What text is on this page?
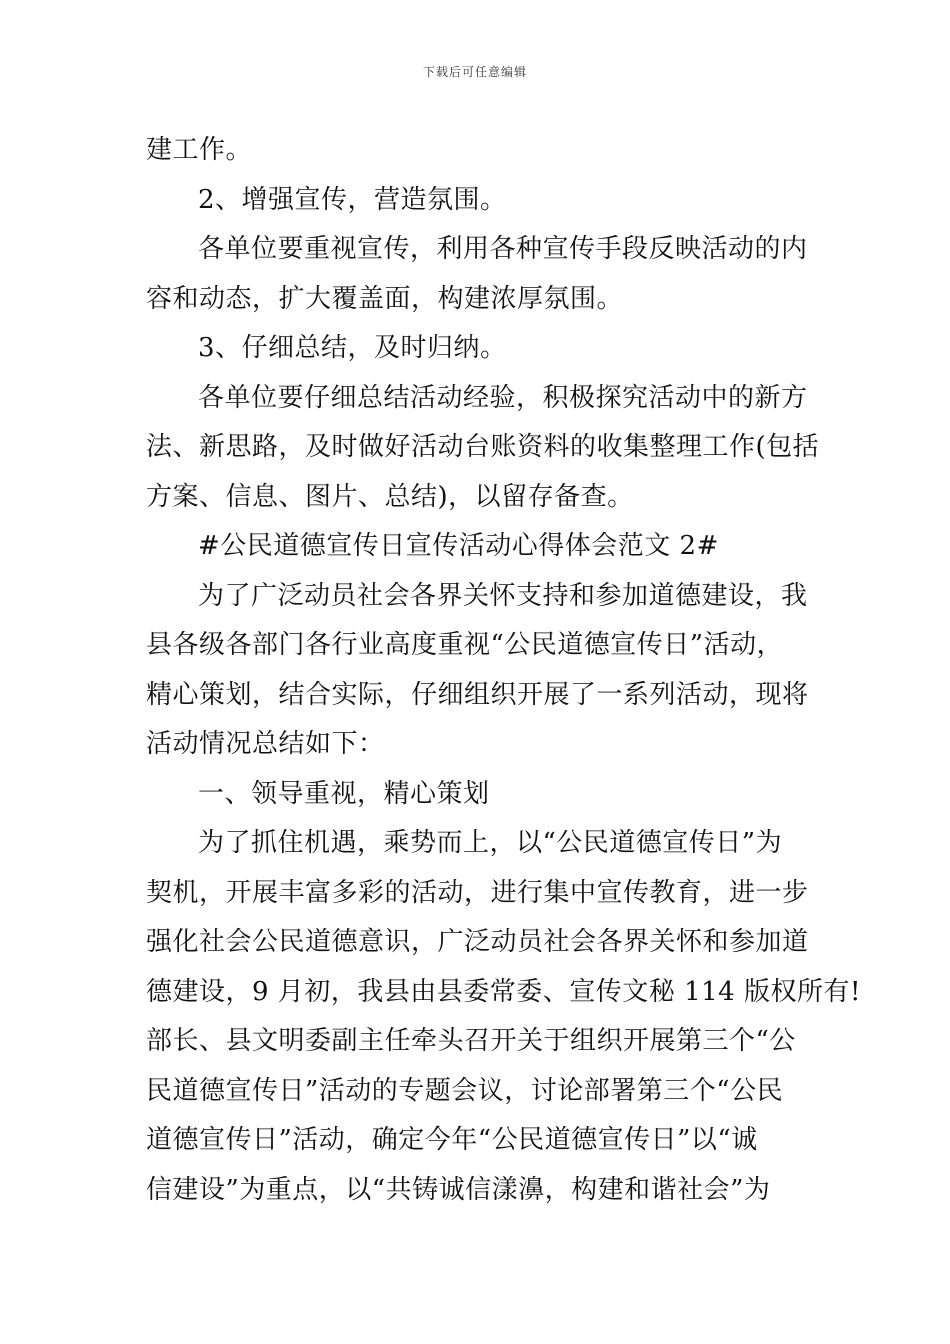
下载后可任意编辑
建工作。
2、增强宣传，营造氛围。
各单位要重视宣传，利用各种宣传手段反映活动的内
容和动态，扩大覆盖面，构建浓厚氛围。
3、仔细总结，及时归纳。
各单位要仔细总结活动经验，积极探究活动中的新方
法、新思路，及时做好活动台账资料的收集整理工作(包括
方案、信息、图片、总结)，以留存备查。
#公民道德宣传日宣传活动心得体会范文 2#
为了广泛动员社会各界关怀支持和参加道德建设，我
县各级各部门各行业高度重视“公民道德宣传日”活动，
精心策划，结合实际，仔细组织开展了一系列活动，现将
活动情况总结如下：
一、领导重视，精心策划
为了抓住机遇，乘势而上，以“公民道德宣传日”为
契机，开展丰富多彩的活动，进行集中宣传教育，进一步
强化社会公民道德意识，广泛动员社会各界关怀和参加道
德建设，9 月初，我县由县委常委、宣传文秘 114 版权所有!
部长、县文明委副主任牵头召开关于组织开展第三个“公
民道德宣传日”活动的专题会议，讨论部署第三个“公民
道德宣传日”活动，确定今年“公民道德宣传日”以“诚
信建设”为重点，以“共铸诚信漾濞，构建和谐社会”为
